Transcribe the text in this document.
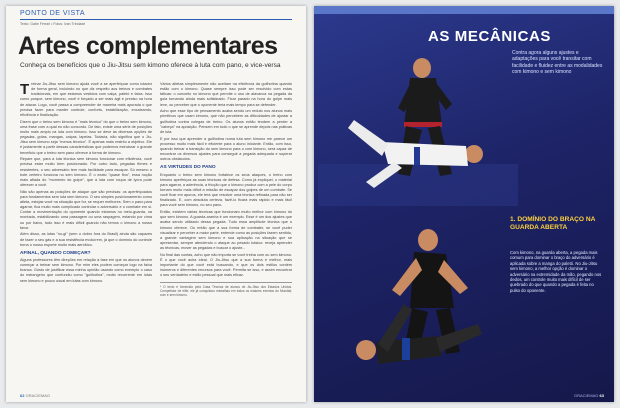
PONTO DE VISTA
Texto: Gabe Ferrari • Fotos: Ivan Trindade
Artes complementares
Conheça os benefícios que o Jiu-Jitsu sem kimono oferece à luta com pano, e vice-versa

Treinar Jiu-Jitsu sem kimono ajuda você a se aperfeiçoar como lutador de forma geral, incluindo no que diz respeito aos treinos e combates tradicionais, em que estamos vestidos com calça, paletó e faixa. Isso como porque, sem kimono, você é forçado a ser mais ágil e preciso na hora de atacar. Logo, você passa a compreender de maneira mais apurada o que precisa fazer para manter controle, conforto, estabilização, encaixando, eficiência e finalização.

Dizem que o treino sem kimono é "mais técnico" do que o treino sem kimono, uma frase com a qual eu não concordo. De fato, existe uma série de posições muito mais amplo na luta com kimono. Isso se deve às diversas opções de pegadas, golas, mangas, calças, lapelas. Todavia, não significa que o Jiu-Jitsu sem kimono seja "menos técnico". É apenas mais restrito a objetivo. Ele é justamente a partir dessas características que podemos estruturar o grande benefício que o treino sem pano oferece à forma de kimono.

Repare que, para a luta técnica sem kimono funcionar com eficiência, você precisa estar muito bem posicionado. Por outro lado, pegadas firmes e resistentes, o seu adversário tem mais facilidade para escapar. Só mesmo o bote certeiro funciona no sem kimono. É o exato "quase fino", essa noção mais afiada do "momento do golpe", que a luta com roupa de lycra pode oferecer a você.

Não são apenas as posições de ataque que são precisas: os aperfeiçoados para fundamentos sem luta sem kimono. O seu simples posicionamento como atleta, estejas você na situação que for, se requer melhores. Sem o pano para agarrar, fica muito mais complicado controlar o adversário e o combate em si. Contar a movimentação do oponente quando estamos no meio-guarda, na montada, estabilizando uma passagem ou uma raspagem, estando por cima ou por baixo, tudo isso é mais difícil quando não temos o kimono a nosso favor.

Além disso, as lutas "no-gi" (sem o dobro fora do Brasil) ainda são capazes de fazer o seu gás e a sua resistência evoluírem, já que o domínio do controle torna o nosso esporte muito mais aeróbico.

AFINAL, QUANDO COMEÇAR?

Alguns professores têm direções em relação à fase em que os alunos devem começar a treinar sem kimono. Por mim eles podem começar logo na faixa branca. Gosto de justificar essa minha opinião usando como exemplo o caso do estrangeiro que confundiu como "guilhotina", muito recorrente em lutas sem kimono e pouco usual em lutas com kimono.

Vários atletas simplesmente não aceitam na eficiência da guilhotina quando estão com o kimono. Quase sempre isso pode ser resolvido com estas táticas: o conceito no kimono que permite o uso de alavanca na pegada da gola tornando ainda mais sofisticado. Ficar parado na hora do golpe mais leve, ou perceber que o oponente teria mais tempo para se defender.

Acho que esse tipo de pensamento acaba sendo um reduto nos alunos mais primitivos que usam kimono, que não percebem as dificuldades de ajustar a guilhotina contra colegas de treino. Os alunos então tendem a perder a "cabeça" na aposição. Pensem em tudo o que se aprende depois nas práticas de luta.

E por isso que aprender a guilhotina numa luta sem kimono me parece um processo muito mais fácil e eficiente para o aluno iniciante. Então, com isso, quando treinar a transição do sem kimono para o com kimono, será capaz de encontrar os diversos ajustes para conseguir a pegada adequada e superar outros obstáculos.

AS VIRTUDES DO PANO

Enquanto o treino sem kimono fortalece os seus ataques, o treino com kimono aperfeiçoa as suas técnicas de defesa. Como já expliquei, o material para agarrar, a aderência, a fricção que o kimono produz com a pele do corpo tornam muito mais difícil a missão de escapar dos golpes de um combate. Se você ficar em apuros, ele terá que resolver uma técnica refinada para não ser finalizado. E, com absoluta certeza, fazê-lo ficará mais rápido e mais fácil para você sem kimono, no seu pano.

Então, existem várias técnicas que funcionam muito melhor com kimono do que sem kimono. A guarda-aranha é um exemplo. Esse é um dos ajustes que acaba sendo utilizado dessa pegada. Tudo essa amplitude técnica que o kimono oferece. Ou então que a sua forma de combater, se você puder visualizar e perceber a maior parte, entende como as posições fazem sentido, a grande vantagem sem kimono e sua aplicação na situação que se apresentar, sempre atendendo o ataque ao pesado básico: reveja aprender as técnicas, mover as pegadas e buscar o ajuste...

Nu final das contas, acho que não importa se você treina com ou sem kimono. É o que você acha ideal. O Jiu-Jitsu que a sua forma é melhor, mais importante do que você está buscando, e que os dois estilos contém inúmeros e diferentes recursos para você. Permita se isso, e assim encontrar o seu verdadeiro e estilo pessoal que mais eficaz.

* O texto é fornecido pela Casa Técnica de alunos de Jiu-Jitsu dos Estados Unidos. Competidor de elite, ele já conquistou medalhas em todos os maiores eventos do Mundial, com e sem kimono.
62 GRACIEMAG
AS MECÂNICAS
Contra agora alguns ajustes e adaptações para você transitar com facilidade e fluidez entre as modalidades com kimono e sem kimono
1. DOMÍNIO DO BRAÇO NA GUARDA ABERTA
Com kimono, na guarda aberta, a pegada mais comum para dominar o braço do adversário é aplicada sobre a manga do paletó. No Jiu-Jitsu sem kimono, a melhor opção é dominar o adversário na extremidade da mão, pegando nos dedos, um controle muito mais difícil de ser quebrado do que quando a pegada é feita no pulso do oponente.
GRACIEMAG 63
